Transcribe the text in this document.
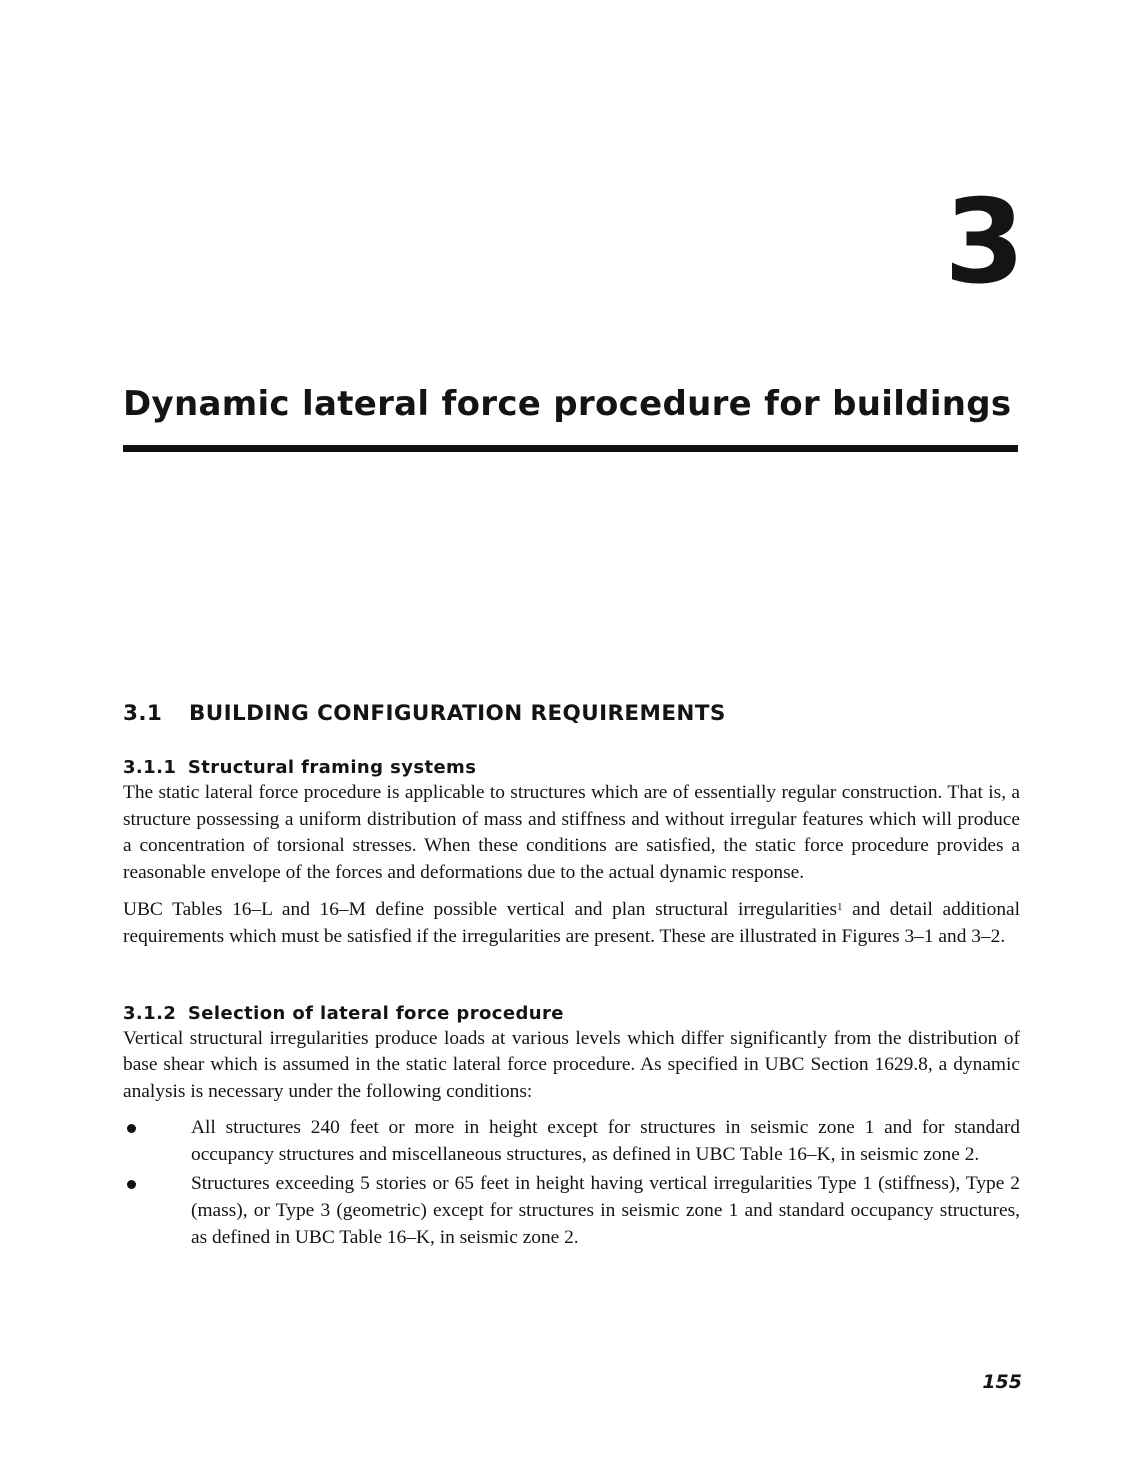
3
Dynamic lateral force procedure for buildings
3.1 BUILDING CONFIGURATION REQUIREMENTS
3.1.1 Structural framing systems

The static lateral force procedure is applicable to structures which are of essentially regular construction. That is, a structure possessing a uniform distribution of mass and stiffness and without irregular features which will produce a concentration of torsional stresses. When these conditions are satisfied, the static force procedure provides a reasonable envelope of the forces and deformations due to the actual dynamic response.

UBC Tables 16–L and 16–M define possible vertical and plan structural irregularities$^1$ and detail additional requirements which must be satisfied if the irregularities are present. These are illustrated in Figures 3–1 and 3–2.

3.1.2 Selection of lateral force procedure

Vertical structural irregularities produce loads at various levels which differ significantly from the distribution of base shear which is assumed in the static lateral force procedure. As specified in UBC Section 1629.8, a dynamic analysis is necessary under the following conditions:

All structures 240 feet or more in height except for structures in seismic zone 1 and for standard occupancy structures and miscellaneous structures, as defined in UBC Table 16–K, in seismic zone 2.
Structures exceeding 5 stories or 65 feet in height having vertical irregularities Type 1 (stiffness), Type 2 (mass), or Type 3 (geometric) except for structures in seismic zone 1 and standard occupancy structures, as defined in UBC Table 16–K, in seismic zone 2.

155
